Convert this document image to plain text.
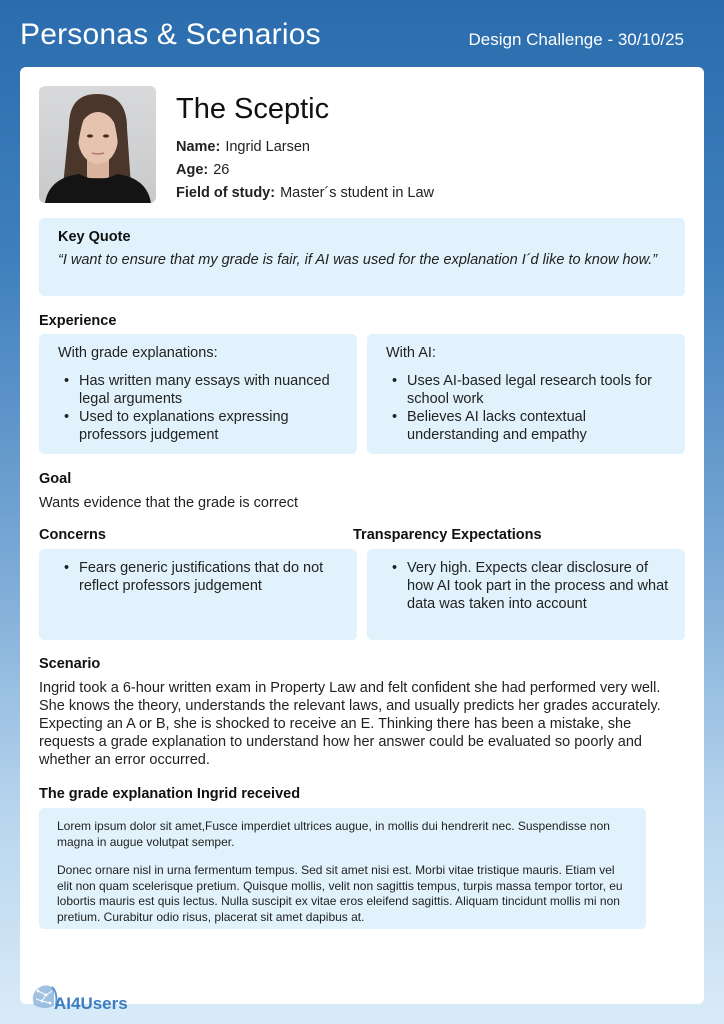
Personas & Scenarios	Design Challenge - 30/10/25
The Sceptic
Name: Ingrid Larsen
Age: 26
Field of study: Master´s student in Law
Key Quote
“I want to ensure that my grade is fair, if AI was used for the explanation I´d like to know how.”
Experience
With grade explanations:
• Has written many essays with nuanced legal arguments
• Used to explanations expressing professors judgement
With AI:
• Uses AI-based legal research tools for school work
• Believes AI lacks contextual understanding and empathy
Goal
Wants evidence that the grade is correct
Concerns	Transparency Expectations
• Fears generic justifications that do not reflect professors judgement
• Very high. Expects clear disclosure of how AI took part in the process and what data was taken into account
Scenario
Ingrid took a 6-hour written exam in Property Law and felt confident she had performed very well. She knows the theory, understands the relevant laws, and usually predicts her grades accurately. Expecting an A or B, she is shocked to receive an E. Thinking there has been a mistake, she requests a grade explanation to understand how her answer could be evaluated so poorly and whether an error occurred.
The grade explanation Ingrid received
Lorem ipsum dolor sit amet,Fusce imperdiet ultrices augue, in mollis dui hendrerit nec. Suspendisse non magna in augue volutpat semper.
Donec ornare nisl in urna fermentum tempus. Sed sit amet nisi est. Morbi vitae tristique mauris. Etiam vel elit non quam scelerisque pretium. Quisque mollis, velit non sagittis tempus, turpis massa tempor tortor, eu lobortis mauris est quis lectus. Nulla suscipit ex vitae eros eleifend sagittis. Aliquam tincidunt mollis mi non pretium. Curabitur odio risus, placerat sit amet dapibus at.
AI4Users
